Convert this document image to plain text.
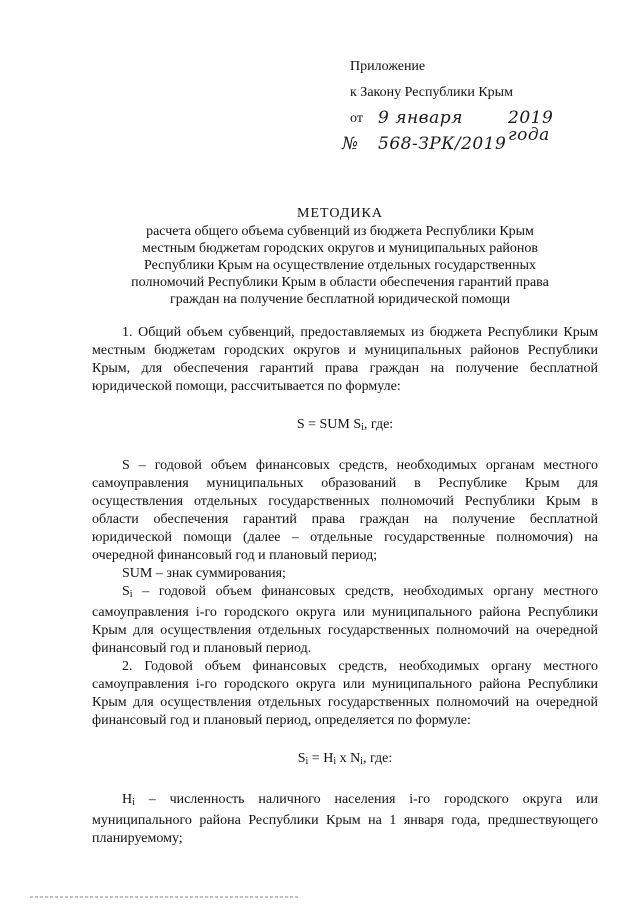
Приложение
к Закону Республики Крым
от 9 января	2019 года
№ 568-ЗРК/2019
МЕТОДИКА
расчета общего объема субвенций из бюджета Республики Крым
местным бюджетам городских округов и муниципальных районов
Республики Крым на осуществление отдельных государственных
полномочий Республики Крым в области обеспечения гарантий права
граждан на получение бесплатной юридической помощи

1. Общий объем субвенций, предоставляемых из бюджета Республики Крым местным бюджетам городских округов и муниципальных районов Республики Крым, для обеспечения гарантий права граждан на получение бесплатной юридической помощи, рассчитывается по формуле:

S = SUM $S_i$, где:

S – годовой объем финансовых средств, необходимых органам местного самоуправления муниципальных образований в Республике Крым для осуществления отдельных государственных полномочий Республики Крым в области обеспечения гарантий права граждан на получение бесплатной юридической помощи (далее – отдельные государственные полномочия) на очередной финансовый год и плановый период;

SUM – знак суммирования;

$S_i$ – годовой объем финансовых средств, необходимых органу местного самоуправления i-го городского округа или муниципального района Республики Крым для осуществления отдельных государственных полномочий на очередной финансовый год и плановый период.

2. Годовой объем финансовых средств, необходимых органу местного самоуправления i-го городского округа или муниципального района Республики Крым для осуществления отдельных государственных полномочий на очередной финансовый год и плановый период, определяется по формуле:

$S_i = H_i$ x $N_i$, где:

$H_i$ – численность наличного населения i-го городского округа или муниципального района Республики Крым на 1 января года, предшествующего планируемому;
